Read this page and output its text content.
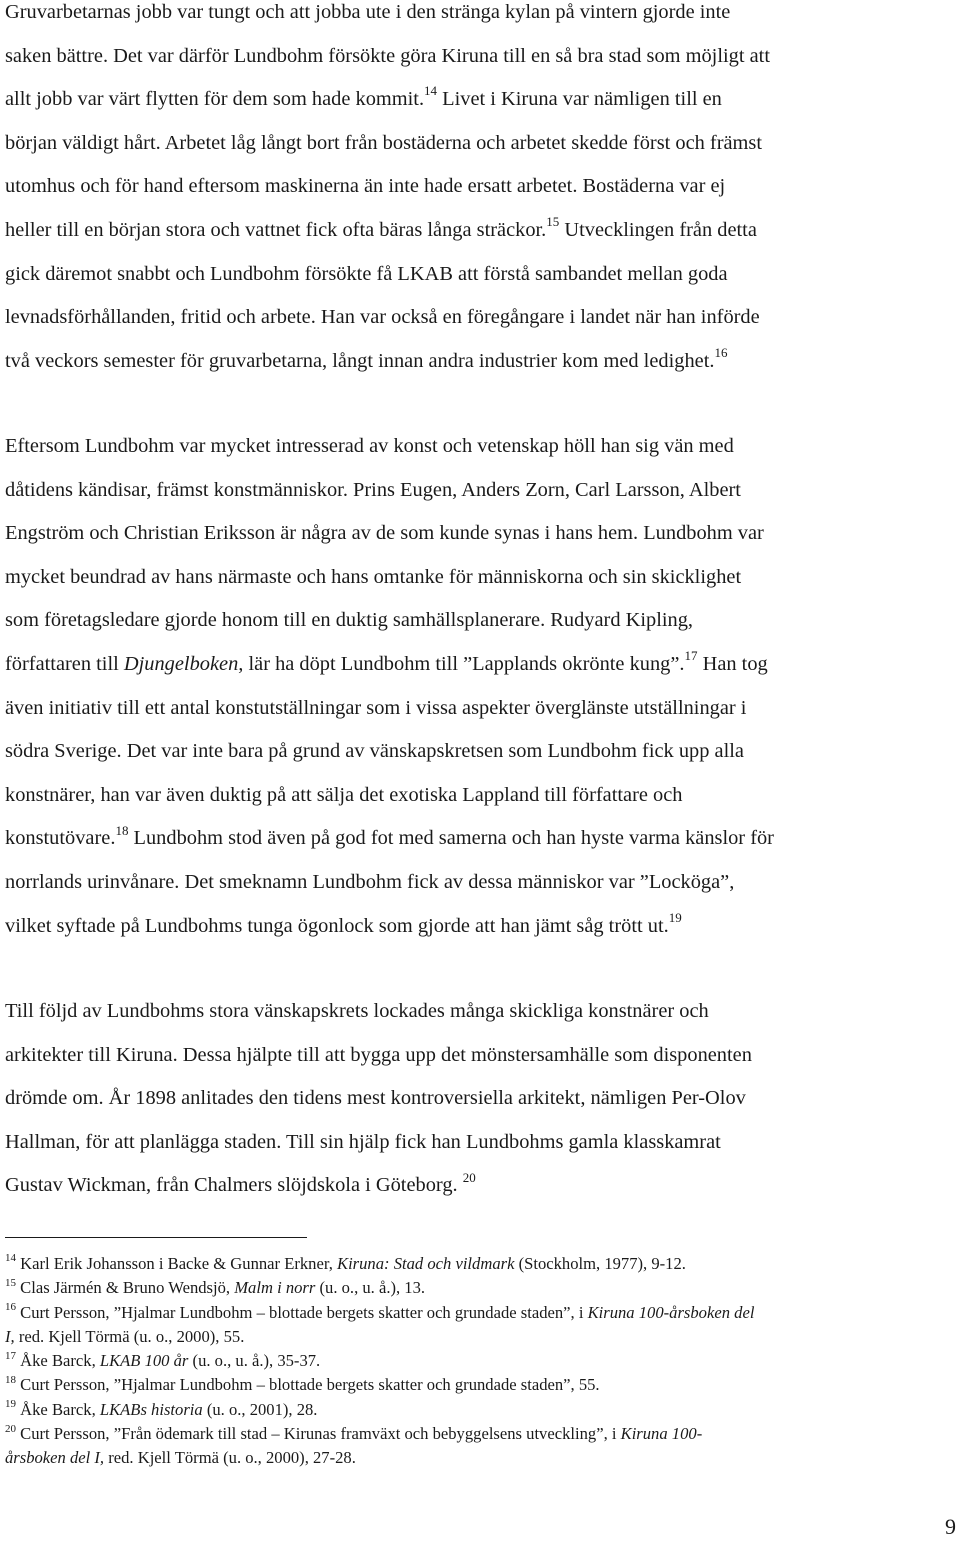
Gruvarbetarnas jobb var tungt och att jobba ute i den stränga kylan på vintern gjorde inte
saken bättre. Det var därför Lundbohm försökte göra Kiruna till en så bra stad som möjligt att
allt jobb var värt flytten för dem som hade kommit.$^{14}$ Livet i Kiruna var nämligen till en
början väldigt hårt. Arbetet låg långt bort från bostäderna och arbetet skedde först och främst
utomhus och för hand eftersom maskinerna än inte hade ersatt arbetet. Bostäderna var ej
heller till en början stora och vattnet fick ofta bäras långa sträckor.$^{15}$ Utvecklingen från detta
gick däremot snabbt och Lundbohm försökte få LKAB att förstå sambandet mellan goda
levnadsförhållanden, fritid och arbete. Han var också en föregångare i landet när han införde
två veckors semester för gruvarbetarna, långt innan andra industrier kom med ledighet.$^{16}$
Eftersom Lundbohm var mycket intresserad av konst och vetenskap höll han sig vän med
dåtidens kändisar, främst konstmänniskor. Prins Eugen, Anders Zorn, Carl Larsson, Albert
Engström och Christian Eriksson är några av de som kunde synas i hans hem. Lundbohm var
mycket beundrad av hans närmaste och hans omtanke för människorna och sin skicklighet
som företagsledare gjorde honom till en duktig samhällsplanerare. Rudyard Kipling,
författaren till Djungelboken, lär ha döpt Lundbohm till ”Lapplands okrönte kung”.$^{17}$ Han tog
även initiativ till ett antal konstutställningar som i vissa aspekter överglänste utställningar i
södra Sverige. Det var inte bara på grund av vänskapskretsen som Lundbohm fick upp alla
konstnärer, han var även duktig på att sälja det exotiska Lappland till författare och
konstutövare.$^{18}$ Lundbohm stod även på god fot med samerna och han hyste varma känslor för
norrlands urinvånare. Det smeknamn Lundbohm fick av dessa människor var ”Locköga”,
vilket syftade på Lundbohms tunga ögonlock som gjorde att han jämt såg trött ut.$^{19}$
Till följd av Lundbohms stora vänskapskrets lockades många skickliga konstnärer och
arkitekter till Kiruna. Dessa hjälpte till att bygga upp det mönstersamhälle som disponenten
drömde om. År 1898 anlitades den tidens mest kontroversiella arkitekt, nämligen Per-Olov
Hallman, för att planlägga staden. Till sin hjälp fick han Lundbohms gamla klasskamrat
Gustav Wickman, från Chalmers slöjdskola i Göteborg. $^{20}$
$^{14}$ Karl Erik Johansson i Backe & Gunnar Erkner, Kiruna: Stad och vildmark (Stockholm, 1977), 9-12.
$^{15}$ Clas Järmén & Bruno Wendsjö, Malm i norr (u. o., u. å.), 13.
$^{16}$ Curt Persson, ”Hjalmar Lundbohm – blottade bergets skatter och grundade staden”, i Kiruna 100-årsboken del
I, red. Kjell Törmä (u. o., 2000), 55.
$^{17}$ Åke Barck, LKAB 100 år (u. o., u. å.), 35-37.
$^{18}$ Curt Persson, ”Hjalmar Lundbohm – blottade bergets skatter och grundade staden”, 55.
$^{19}$ Åke Barck, LKABs historia (u. o., 2001), 28.
$^{20}$ Curt Persson, ”Från ödemark till stad – Kirunas framväxt och bebyggelsens utveckling”, i Kiruna 100-
årsboken del I, red. Kjell Törmä (u. o., 2000), 27-28.
9
